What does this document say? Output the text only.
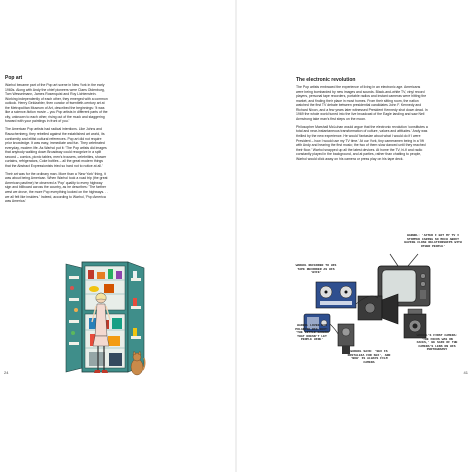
Pop art

Warhol became part of the Pop art scene in New York in the early 1960s. Along with Andy the chief pioneers were Claes Oldenburg, Tom Wesselmann, James Rosenquist and Roy Lichtenstein. Working independently of each other, they emerged with a common outlook. Henry Geldzahler, then curator of twentieth-century art at the Metropolitan Museum of Art, described the beginnings: 'It was like a science-fiction movie – you Pop artists in different parts of the city, unknown to each other, rising out of the muck and staggering forward with your paintings in front of you.'

The American Pop artists had radical intentions. Like Johns and Rauschenberg, they rebelled against the established art world, its conformity and elitist cultural references. Pop art did not require prior knowledge. It was easy, immediate and fun. They celebrated everyday, modern life. As Warhol put it: 'The Pop artists did images that anybody walking down Broadway could recognize in a split second – comics, picnic tables, men's trousers, celebrities, shower curtains, refrigerators, Coke bottles – all the great modern things that the Abstract Expressionists tried so hard not to notice at all.'

Their art was for the ordinary man. More than a 'New York' thing, it was about being American. When Warhol took a road trip (the great American pastime) he observed a 'Pop' quality to every highway sign and billboard across the country, as he describes: 'The farther west we drove, the more Pop everything looked on the highways. . . we all felt like insiders.' Indeed, according to Warhol, 'Pop America was America.'

24
The electronic revolution

The Pop artists embraced the experience of living in an electronic age. Americans were being bombarded by new images and sounds. Black-and-white TV, vinyl record players, personal tape recorders, portable radios and instant cameras were hitting the market, and finding their place in most homes. From their sitting room, the nation watched the first TV debate between presidential candidates John F. Kennedy and Richard Nixon, and a few years later witnessed President Kennedy shot down dead. In 1969 the whole world tuned into the live broadcast of the Eagle landing and saw Neil Armstrong take man's first steps on the moon.

Philosopher Marshall McLuhan would argue that the electronic revolution 'constitutes a total and near-instantaneous transformation of culture, values and attitudes.' Andy was thrilled by the new experience. He would 'fantasize about what I would do if I were President – how I would use my TV time.' At our York, tiny cameramen being in a 'lift with Andy and hearing the first music; the two of them slow danced until they reached their floor.' Warhol snapped up all the latest devices. At home the TV, hi-fi and radio constantly played in the background, and at parties, rather than chatting to people, Warhol would click away on his camera or press play on his tape deck.

WARHOL: 'AFTER I GOT MY TV I STOPPED CARING SO MUCH ABOUT HAVING CLOSE RELATIONSHIPS WITH OTHER PEOPLE'
WARHOL REFERRED TO HIS TAPE RECORDER AS HIS 'WIFE'
WARHOL LOVED HIS POLAROID BIG SHOT: 'THE LITTLE CAMERA THAT DOESN'T LET PEOPLE HIDE'
WARHOL SAID: 'SEX IS NOSTALGIA FOR SEX', AND 'NOW' IS ALWAYS FILM CAMERA
WARHOL'S FIRST CAMERA: 'THE FOCUS WAS ON FACES,' HE SAID OF THE CAMERA'S LENS ON HIS PHOTOGRAPHY
41
